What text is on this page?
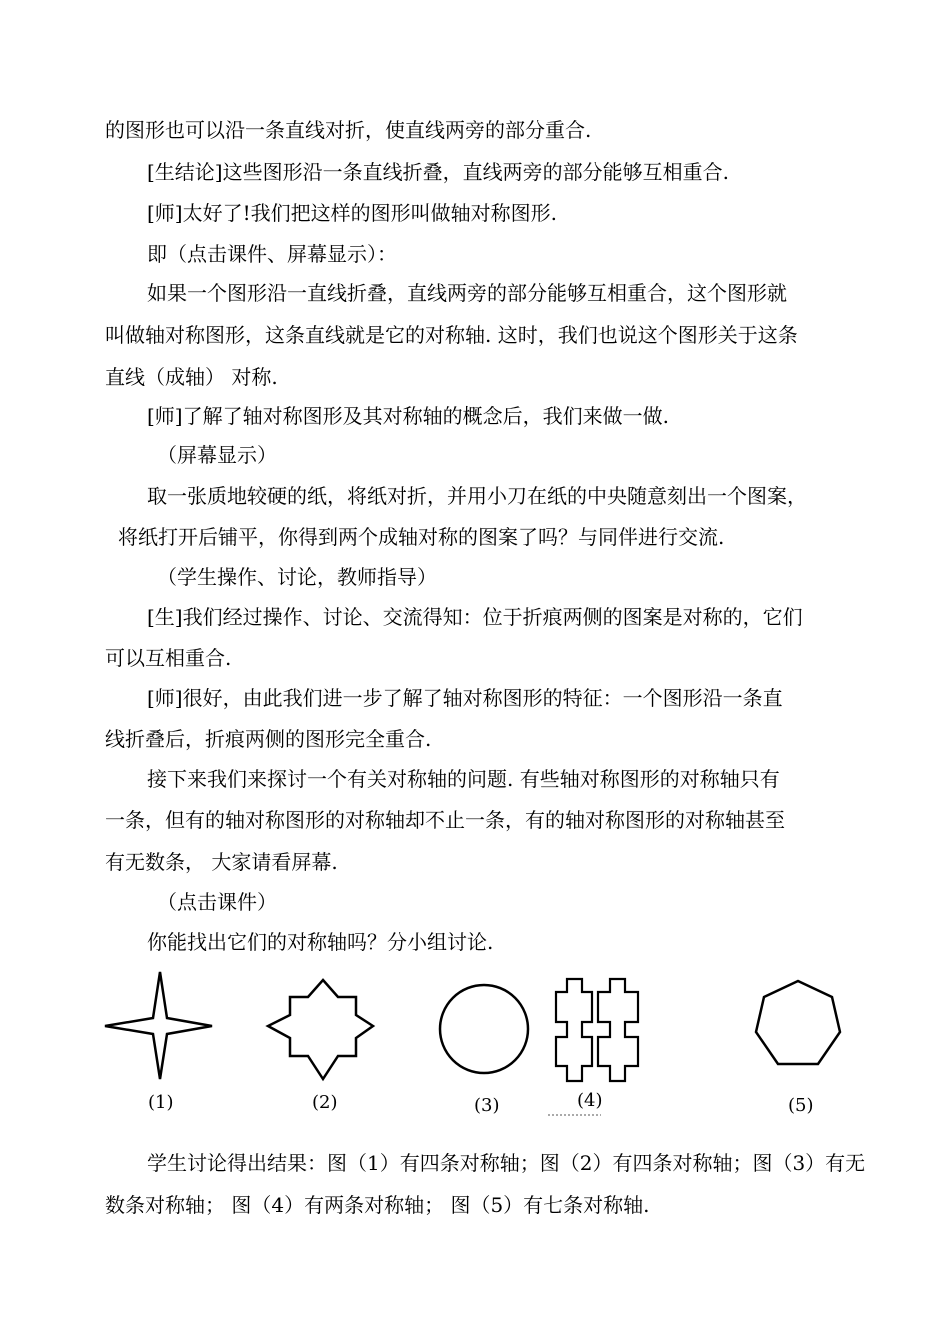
的图形也可以沿一条直线对折，使直线两旁的部分重合.
[生结论]这些图形沿一条直线折叠，直线两旁的部分能够互相重合.
[师]太好了!我们把这样的图形叫做轴对称图形.
即（点击课件、屏幕显示）：
如果一个图形沿一直线折叠，直线两旁的部分能够互相重合，这个图形就
叫做轴对称图形，这条直线就是它的对称轴. 这时，我们也说这个图形关于这条
直线（成轴） 对称.
[师]了解了轴对称图形及其对称轴的概念后，我们来做一做.
（屏幕显示）
取一张质地较硬的纸，将纸对折，并用小刀在纸的中央随意刻出一个图案，
将纸打开后铺平，你得到两个成轴对称的图案了吗？与同伴进行交流.
（学生操作、讨论，教师指导）
[生]我们经过操作、讨论、交流得知：位于折痕两侧的图案是对称的，它们
可以互相重合.
[师]很好，由此我们进一步了解了轴对称图形的特征：一个图形沿一条直
线折叠后，折痕两侧的图形完全重合.
接下来我们来探讨一个有关对称轴的问题. 有些轴对称图形的对称轴只有
一条，但有的轴对称图形的对称轴却不止一条，有的轴对称图形的对称轴甚至
有无数条， 大家请看屏幕.
（点击课件）
你能找出它们的对称轴吗？分小组讨论.
(1)	(2)	(3)	(4)	(5)
学生讨论得出结果：图（1）有四条对称轴；图（2）有四条对称轴；图（3）有无
数条对称轴； 图（4）有两条对称轴； 图（5）有七条对称轴.
